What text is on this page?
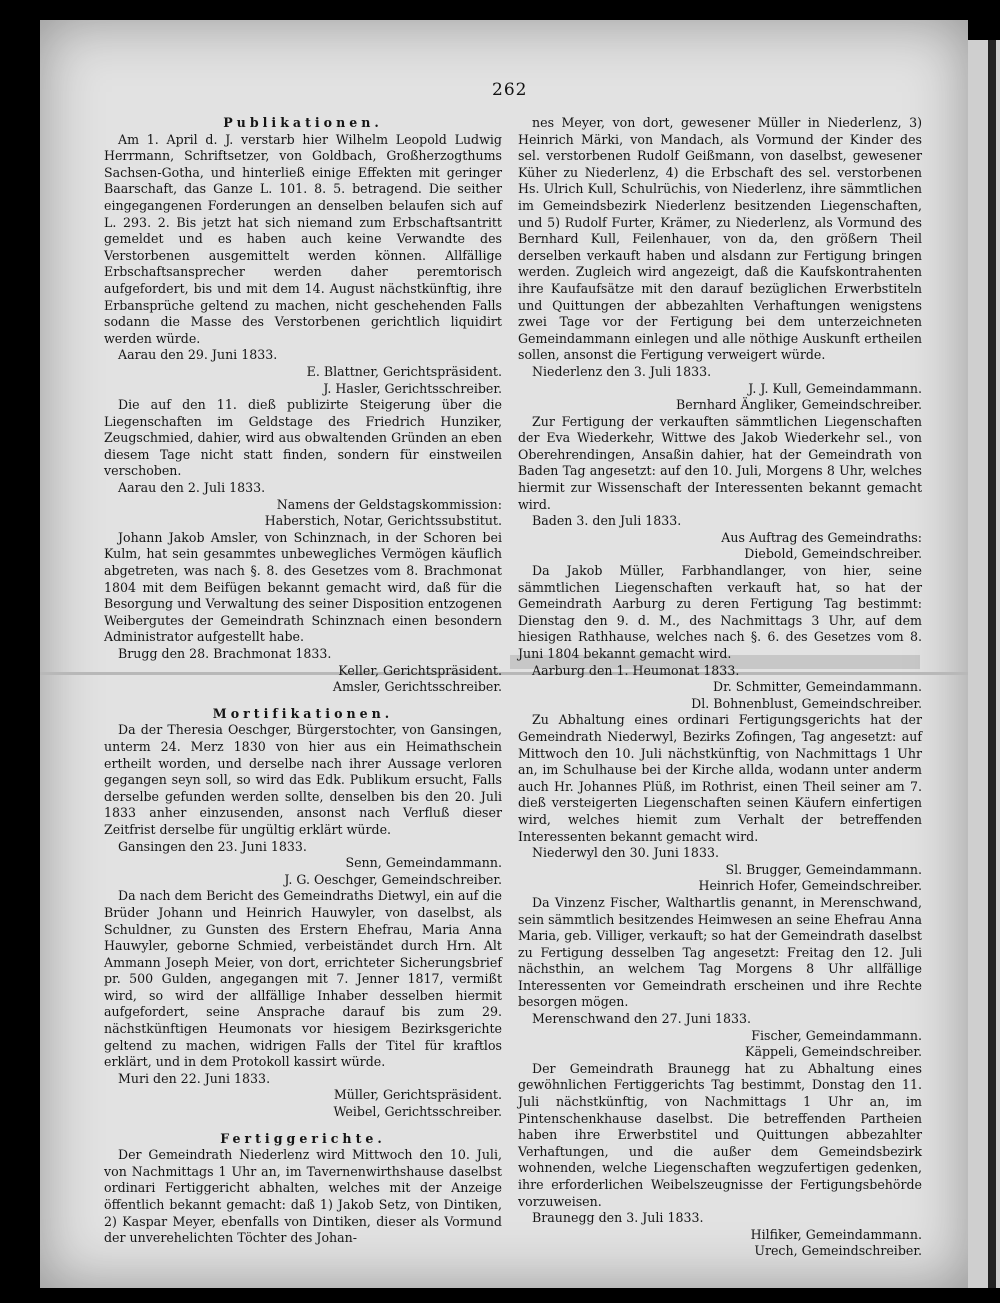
262

Publikationen.

Am 1. April d. J. verstarb hier Wilhelm Leopold Ludwig Herrmann, Schriftsetzer, von Goldbach, Großherzogthums Sachsen-Gotha, und hinterließ einige Effekten mit geringer Baarschaft, das Ganze L. 101. 8. 5. betragend. Die seither eingegangenen Forderungen an denselben belaufen sich auf L. 293. 2. Bis jetzt hat sich niemand zum Erbschaftsantritt gemeldet und es haben auch keine Verwandte des Verstorbenen ausgemittelt werden können. Allfällige Erbschaftsansprecher werden daher peremtorisch aufgefordert, bis und mit dem 14. August nächstkünftig, ihre Erbansprüche geltend zu machen, nicht geschehenden Falls sodann die Masse des Verstorbenen gerichtlich liquidirt werden würde.

Aarau den 29. Juni 1833.

E. Blattner, Gerichtspräsident.

J. Hasler, Gerichtsschreiber.

Die auf den 11. dieß publizirte Steigerung über die Liegenschaften im Geldstage des Friedrich Hunziker, Zeugschmied, dahier, wird aus obwaltenden Gründen an eben diesem Tage nicht statt finden, sondern für einstweilen verschoben.

Aarau den 2. Juli 1833.

Namens der Geldstagskommission:

Haberstich, Notar, Gerichtssubstitut.

Johann Jakob Amsler, von Schinznach, in der Schoren bei Kulm, hat sein gesammtes unbewegliches Vermögen käuflich abgetreten, was nach §. 8. des Gesetzes vom 8. Brachmonat 1804 mit dem Beifügen bekannt gemacht wird, daß für die Besorgung und Verwaltung des seiner Disposition entzogenen Weibergutes der Gemeindrath Schinznach einen besondern Administrator aufgestellt habe.

Brugg den 28. Brachmonat 1833.

Keller, Gerichtspräsident.

Amsler, Gerichtsschreiber.

Mortifikationen.

Da der Theresia Oeschger, Bürgerstochter, von Gansingen, unterm 24. Merz 1830 von hier aus ein Heimathschein ertheilt worden, und derselbe nach ihrer Aussage verloren gegangen seyn soll, so wird das Edk. Publikum ersucht, Falls derselbe gefunden werden sollte, denselben bis den 20. Juli 1833 anher einzusenden, ansonst nach Verfluß dieser Zeitfrist derselbe für ungültig erklärt würde.

Gansingen den 23. Juni 1833.

Senn, Gemeindammann.

J. G. Oeschger, Gemeindschreiber.

Da nach dem Bericht des Gemeindraths Dietwyl, ein auf die Brüder Johann und Heinrich Hauwyler, von daselbst, als Schuldner, zu Gunsten des Erstern Ehefrau, Maria Anna Hauwyler, geborne Schmied, verbeiständet durch Hrn. Alt Ammann Joseph Meier, von dort, errichteter Sicherungsbrief pr. 500 Gulden, angegangen mit 7. Jenner 1817, vermißt wird, so wird der allfällige Inhaber desselben hiermit aufgefordert, seine Ansprache darauf bis zum 29. nächstkünftigen Heumonats vor hiesigem Bezirksgerichte geltend zu machen, widrigen Falls der Titel für kraftlos erklärt, und in dem Protokoll kassirt würde.

Muri den 22. Juni 1833.

Müller, Gerichtspräsident.

Weibel, Gerichtsschreiber.

Fertiggerichte.

Der Gemeindrath Niederlenz wird Mittwoch den 10. Juli, von Nachmittags 1 Uhr an, im Tavernenwirthshause daselbst ordinari Fertiggericht abhalten, welches mit der Anzeige öffentlich bekannt gemacht: daß 1) Jakob Setz, von Dintiken, 2) Kaspar Meyer, ebenfalls von Dintiken, dieser als Vormund der unverehelichten Töchter des Johan-

nes Meyer, von dort, gewesener Müller in Niederlenz, 3) Heinrich Märki, von Mandach, als Vormund der Kinder des sel. verstorbenen Rudolf Geißmann, von daselbst, gewesener Küher zu Niederlenz, 4) die Erbschaft des sel. verstorbenen Hs. Ulrich Kull, Schulrüchis, von Niederlenz, ihre sämmtlichen im Gemeindsbezirk Niederlenz besitzenden Liegenschaften, und 5) Rudolf Furter, Krämer, zu Niederlenz, als Vormund des Bernhard Kull, Feilenhauer, von da, den größern Theil derselben verkauft haben und alsdann zur Fertigung bringen werden. Zugleich wird angezeigt, daß die Kaufskontrahenten ihre Kaufaufsätze mit den darauf bezüglichen Erwerbstiteln und Quittungen der abbezahlten Verhaftungen wenigstens zwei Tage vor der Fertigung bei dem unterzeichneten Gemeindammann einlegen und alle nöthige Auskunft ertheilen sollen, ansonst die Fertigung verweigert würde.

Niederlenz den 3. Juli 1833.

J. J. Kull, Gemeindammann.

Bernhard Ängliker, Gemeindschreiber.

Zur Fertigung der verkauften sämmtlichen Liegenschaften der Eva Wiederkehr, Wittwe des Jakob Wiederkehr sel., von Oberehrendingen, Ansaßin dahier, hat der Gemeindrath von Baden Tag angesetzt: auf den 10. Juli, Morgens 8 Uhr, welches hiermit zur Wissenschaft der Interessenten bekannt gemacht wird.

Baden 3. den Juli 1833.

Aus Auftrag des Gemeindraths:

Diebold, Gemeindschreiber.

Da Jakob Müller, Farbhandlanger, von hier, seine sämmtlichen Liegenschaften verkauft hat, so hat der Gemeindrath Aarburg zu deren Fertigung Tag bestimmt: Dienstag den 9. d. M., des Nachmittags 3 Uhr, auf dem hiesigen Rathhause, welches nach §. 6. des Gesetzes vom 8. Juni 1804 bekannt gemacht wird.

Aarburg den 1. Heumonat 1833.

Dr. Schmitter, Gemeindammann.

Dl. Bohnenblust, Gemeindschreiber.

Zu Abhaltung eines ordinari Fertigungsgerichts hat der Gemeindrath Niederwyl, Bezirks Zofingen, Tag angesetzt: auf Mittwoch den 10. Juli nächstkünftig, von Nachmittags 1 Uhr an, im Schulhause bei der Kirche allda, wodann unter anderm auch Hr. Johannes Plüß, im Rothrist, einen Theil seiner am 7. dieß versteigerten Liegenschaften seinen Käufern einfertigen wird, welches hiemit zum Verhalt der betreffenden Interessenten bekannt gemacht wird.

Niederwyl den 30. Juni 1833.

Sl. Brugger, Gemeindammann.

Heinrich Hofer, Gemeindschreiber.

Da Vinzenz Fischer, Walthartlis genannt, in Merenschwand, sein sämmtlich besitzendes Heimwesen an seine Ehefrau Anna Maria, geb. Villiger, verkauft; so hat der Gemeindrath daselbst zu Fertigung desselben Tag angesetzt: Freitag den 12. Juli nächsthin, an welchem Tag Morgens 8 Uhr allfällige Interessenten vor Gemeindrath erscheinen und ihre Rechte besorgen mögen.

Merenschwand den 27. Juni 1833.

Fischer, Gemeindammann.

Käppeli, Gemeindschreiber.

Der Gemeindrath Braunegg hat zu Abhaltung eines gewöhnlichen Fertiggerichts Tag bestimmt, Donstag den 11. Juli nächstkünftig, von Nachmittags 1 Uhr an, im Pintenschenkhause daselbst. Die betreffenden Partheien haben ihre Erwerbstitel und Quittungen abbezahlter Verhaftungen, und die außer dem Gemeindsbezirk wohnenden, welche Liegenschaften wegzufertigen gedenken, ihre erforderlichen Weibelszeugnisse der Fertigungsbehörde vorzuweisen.

Braunegg den 3. Juli 1833.

Hilfiker, Gemeindammann.

Urech, Gemeindschreiber.
